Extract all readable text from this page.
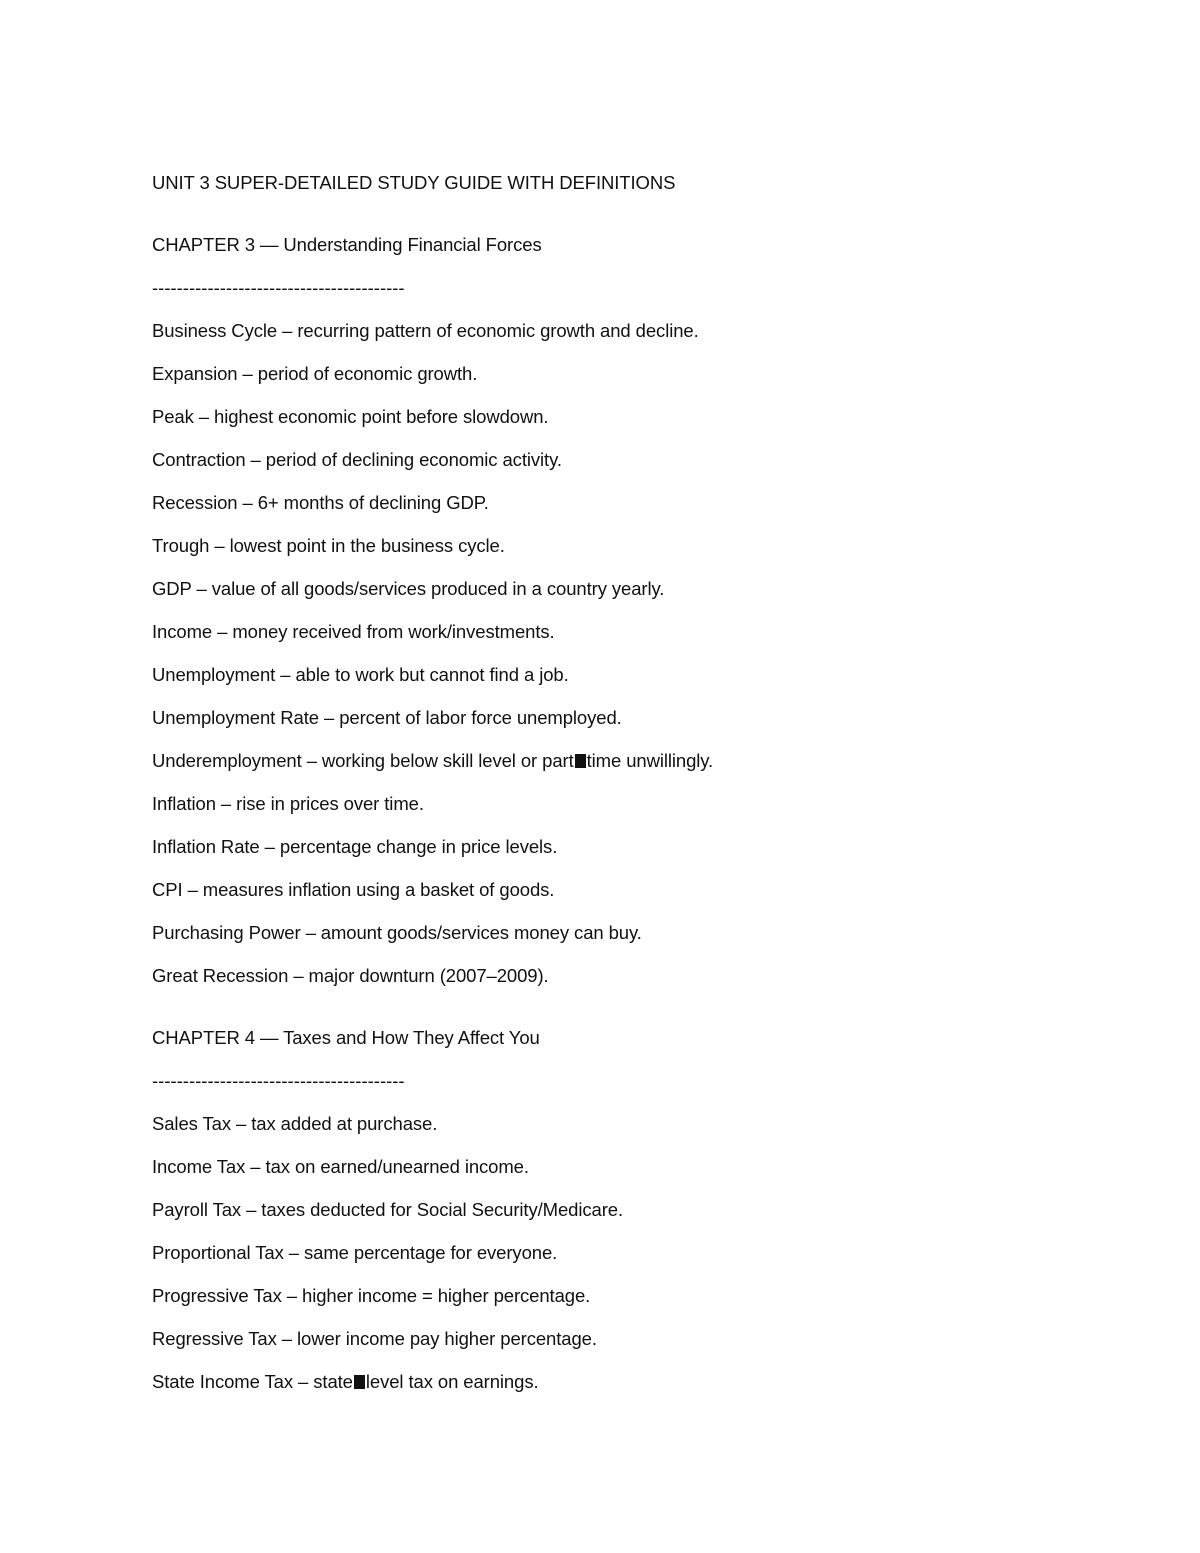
UNIT 3 SUPER-DETAILED STUDY GUIDE WITH DEFINITIONS
CHAPTER 3 — Understanding Financial Forces
-----------------------------------------
Business Cycle – recurring pattern of economic growth and decline.
Expansion – period of economic growth.
Peak – highest economic point before slowdown.
Contraction – period of declining economic activity.
Recession – 6+ months of declining GDP.
Trough – lowest point in the business cycle.
GDP – value of all goods/services produced in a country yearly.
Income – money received from work/investments.
Unemployment – able to work but cannot find a job.
Unemployment Rate – percent of labor force unemployed.
Underemployment – working below skill level or part time unwillingly.
Inflation – rise in prices over time.
Inflation Rate – percentage change in price levels.
CPI – measures inflation using a basket of goods.
Purchasing Power – amount goods/services money can buy.
Great Recession – major downturn (2007–2009).
CHAPTER 4 — Taxes and How They Affect You
-----------------------------------------
Sales Tax – tax added at purchase.
Income Tax – tax on earned/unearned income.
Payroll Tax – taxes deducted for Social Security/Medicare.
Proportional Tax – same percentage for everyone.
Progressive Tax – higher income = higher percentage.
Regressive Tax – lower income pay higher percentage.
State Income Tax – state level tax on earnings.
